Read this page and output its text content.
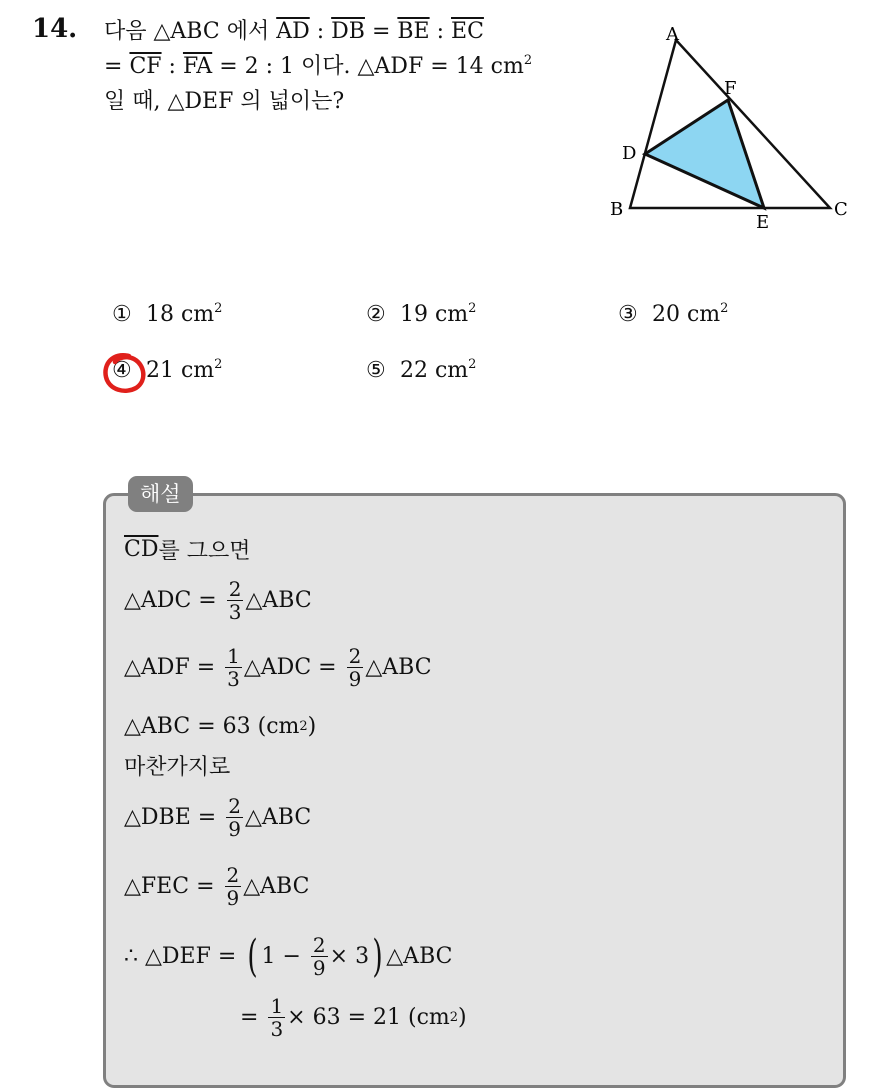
14. 다음 △ABC 에서 $\overline{AD}$ : $\overline{DB} = \overline{BE}$ : $\overline{EC}$
= $\overline{CF}$ : $\overline{FA} = 2$ : 1 이다. △ADF = 14 $cm^2$
일 때, △DEF 의 넓이는?
A
B	C
D
E
F
① 18 $cm^2$	② 19 $cm^2$	③ 20 $cm^2$
④ 21 $cm^2$	⑤ 22 $cm^2$
해설
$\overline{CD}$ 를 그으면
△ADC = $\frac{2}{3}$ △ABC
△ADF = $\frac{1}{3}$ △ADC = $\frac{2}{9}$ △ABC
△ABC = 63 (cm 2 )
마찬가지로
△DBE = $\frac{2}{9}$ △ABC
△FEC = $\frac{2}{9}$ △ABC
∴ △DEF = ( $1 - \frac{2}{9} \times 3$ ) △ABC
= $\frac{1}{3} \times 63 = 21$ (cm 2 )
